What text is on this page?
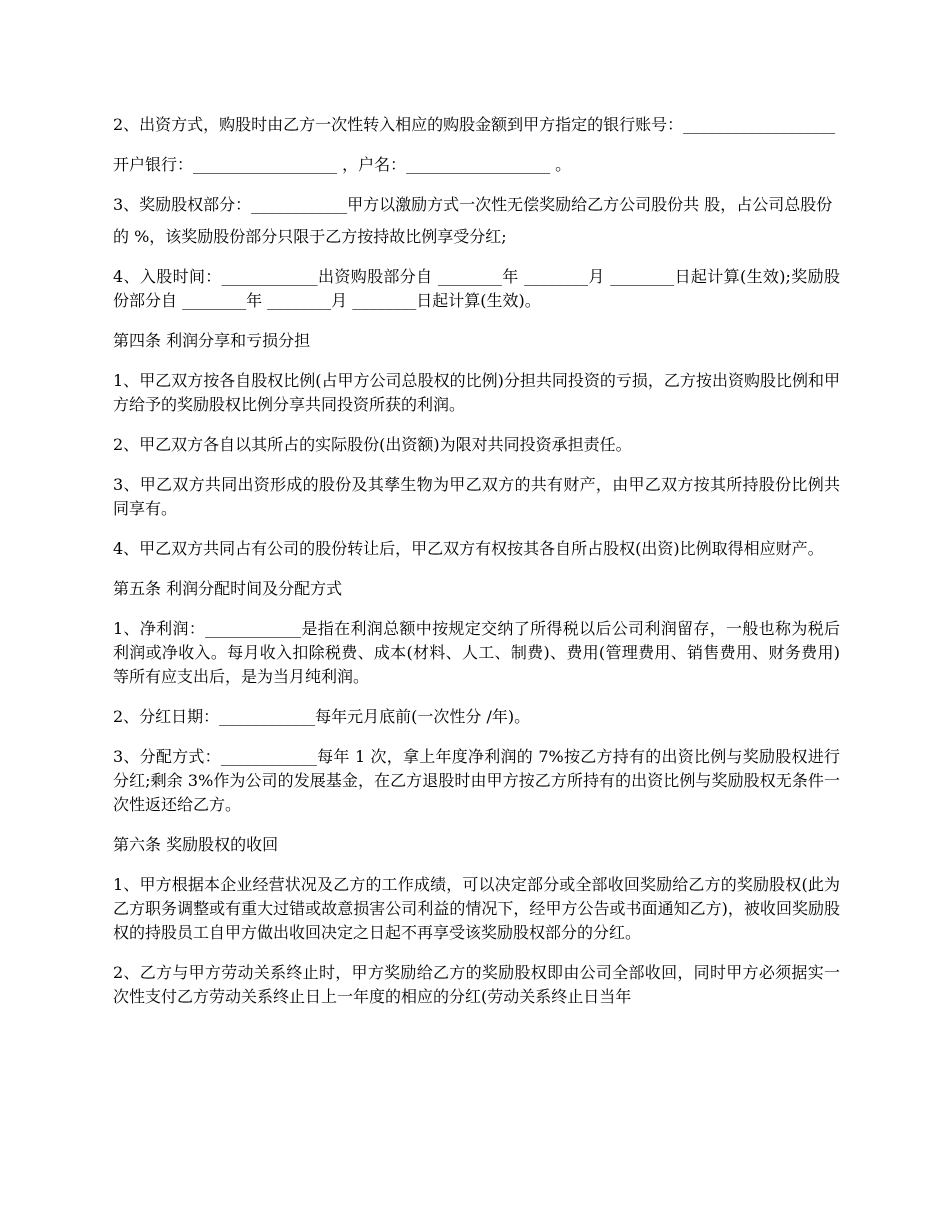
2、出资方式，购股时由乙方一次性转入相应的购股金额到甲方指定的银行账号：___________________

开户银行：__________________ ，户名：__________________ 。

3、奖励股权部分：____________甲方以激励方式一次性无偿奖励给乙方公司股份共 股，占公司总股份

的 %，该奖励股份部分只限于乙方按持故比例享受分红;

4、入股时间：____________出资购股部分自 ________年 ________月 ________日起计算(生效);奖励股份部分自 ________年 ________月 ________日起计算(生效)。

第四条 利润分享和亏损分担

1、甲乙双方按各自股权比例(占甲方公司总股权的比例)分担共同投资的亏损，乙方按出资购股比例和甲方给予的奖励股权比例分享共同投资所获的利润。

2、甲乙双方各自以其所占的实际股份(出资额)为限对共同投资承担责任。

3、甲乙双方共同出资形成的股份及其孳生物为甲乙双方的共有财产，由甲乙双方按其所持股份比例共同享有。

4、甲乙双方共同占有公司的股份转让后，甲乙双方有权按其各自所占股权(出资)比例取得相应财产。

第五条 利润分配时间及分配方式

1、净利润：____________是指在利润总额中按规定交纳了所得税以后公司利润留存，一般也称为税后利润或净收入。每月收入扣除税费、成本(材料、人工、制费)、费用(管理费用、销售费用、财务费用)等所有应支出后，是为当月纯利润。

2、分红日期：____________每年元月底前(一次性分 /年)。

3、分配方式：____________每年 1 次，拿上年度净利润的 7%按乙方持有的出资比例与奖励股权进行分红;剩余 3%作为公司的发展基金，在乙方退股时由甲方按乙方所持有的出资比例与奖励股权无条件一次性返还给乙方。

第六条 奖励股权的收回

1、甲方根据本企业经营状况及乙方的工作成绩，可以决定部分或全部收回奖励给乙方的奖励股权(此为乙方职务调整或有重大过错或故意损害公司利益的情况下，经甲方公告或书面通知乙方)，被收回奖励股权的持股员工自甲方做出收回决定之日起不再享受该奖励股权部分的分红。

2、乙方与甲方劳动关系终止时，甲方奖励给乙方的奖励股权即由公司全部收回，同时甲方必须据实一次性支付乙方劳动关系终止日上一年度的相应的分红(劳动关系终止日当年
